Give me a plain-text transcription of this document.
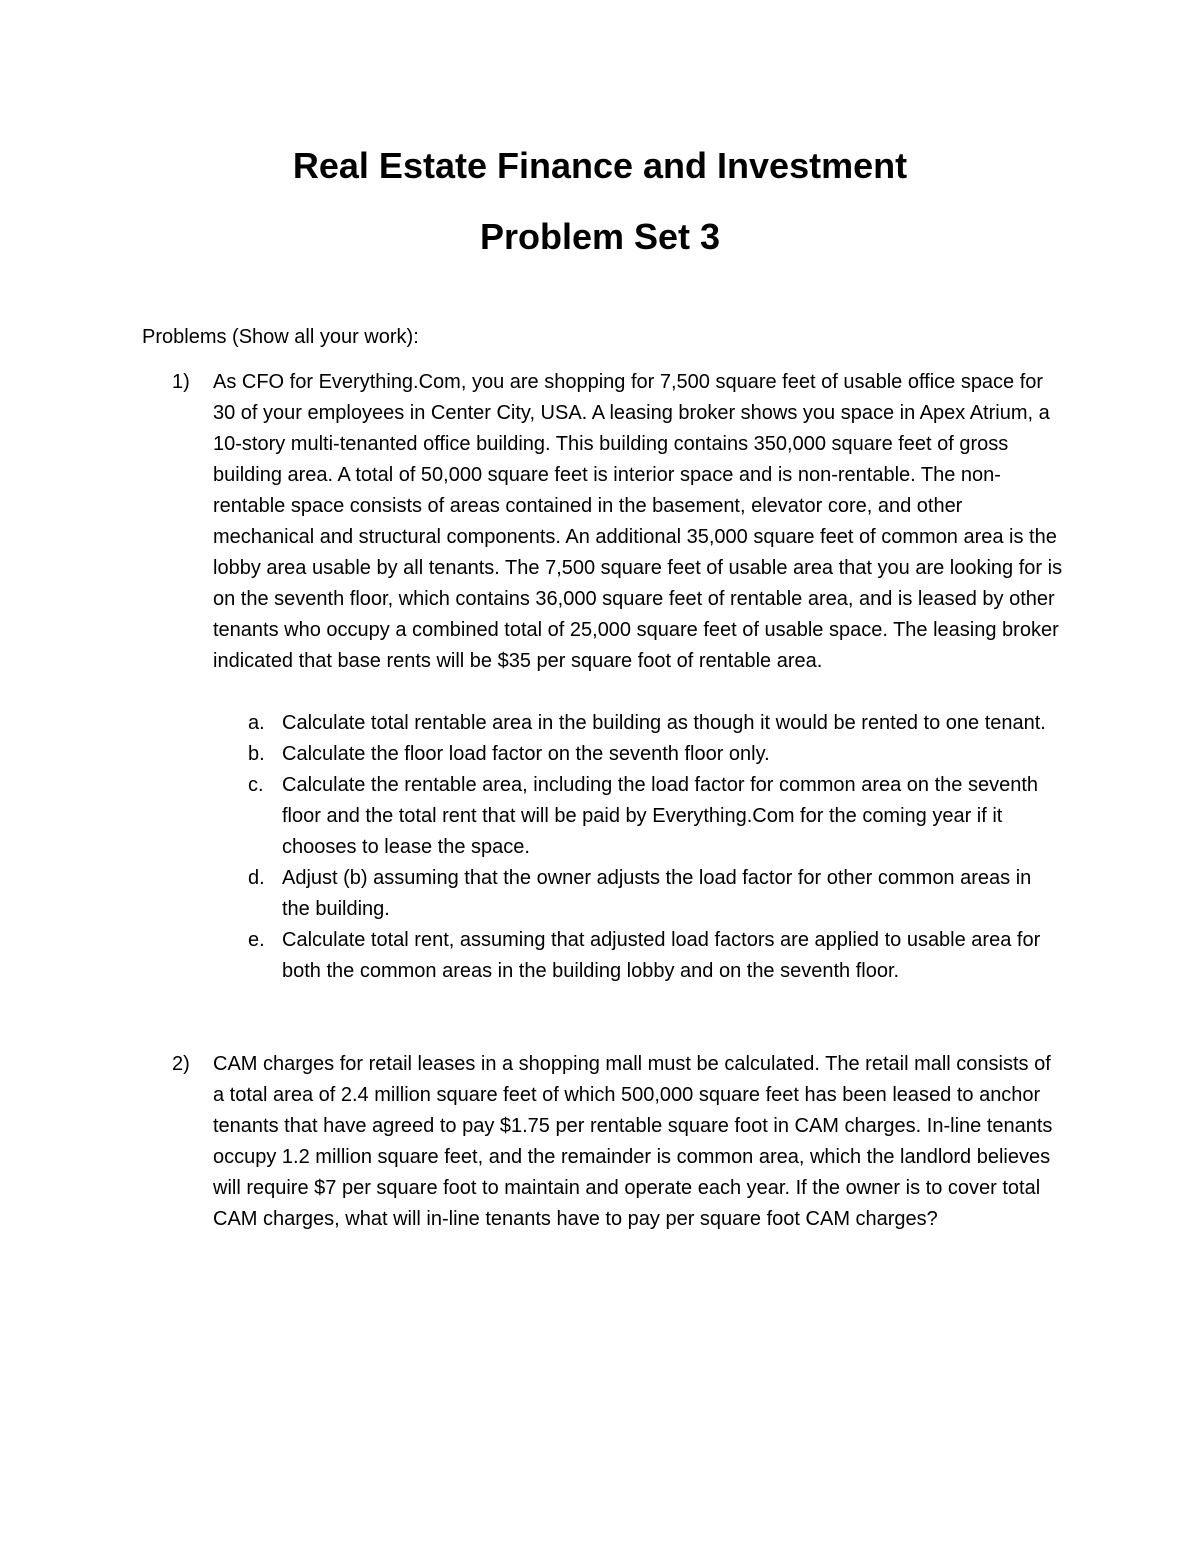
Real Estate Finance and Investment
Problem Set 3

Problems (Show all your work):

1) As CFO for Everything.Com, you are shopping for 7,500 square feet of usable office space for 30 of your employees in Center City, USA. A leasing broker shows you space in Apex Atrium, a 10-story multi-tenanted office building. This building contains 350,000 square feet of gross building area. A total of 50,000 square feet is interior space and is non-rentable. The non-rentable space consists of areas contained in the basement, elevator core, and other mechanical and structural components. An additional 35,000 square feet of common area is the lobby area usable by all tenants. The 7,500 square feet of usable area that you are looking for is on the seventh floor, which contains 36,000 square feet of rentable area, and is leased by other tenants who occupy a combined total of 25,000 square feet of usable space. The leasing broker indicated that base rents will be $35 per square foot of rentable area.

a. Calculate total rentable area in the building as though it would be rented to one tenant.
b. Calculate the floor load factor on the seventh floor only.
c. Calculate the rentable area, including the load factor for common area on the seventh floor and the total rent that will be paid by Everything.Com for the coming year if it chooses to lease the space.
d. Adjust (b) assuming that the owner adjusts the load factor for other common areas in the building.
e. Calculate total rent, assuming that adjusted load factors are applied to usable area for both the common areas in the building lobby and on the seventh floor.
2) CAM charges for retail leases in a shopping mall must be calculated. The retail mall consists of a total area of 2.4 million square feet of which 500,000 square feet has been leased to anchor tenants that have agreed to pay $1.75 per rentable square foot in CAM charges. In-line tenants occupy 1.2 million square feet, and the remainder is common area, which the landlord believes will require $7 per square foot to maintain and operate each year. If the owner is to cover total CAM charges, what will in-line tenants have to pay per square foot CAM charges?
